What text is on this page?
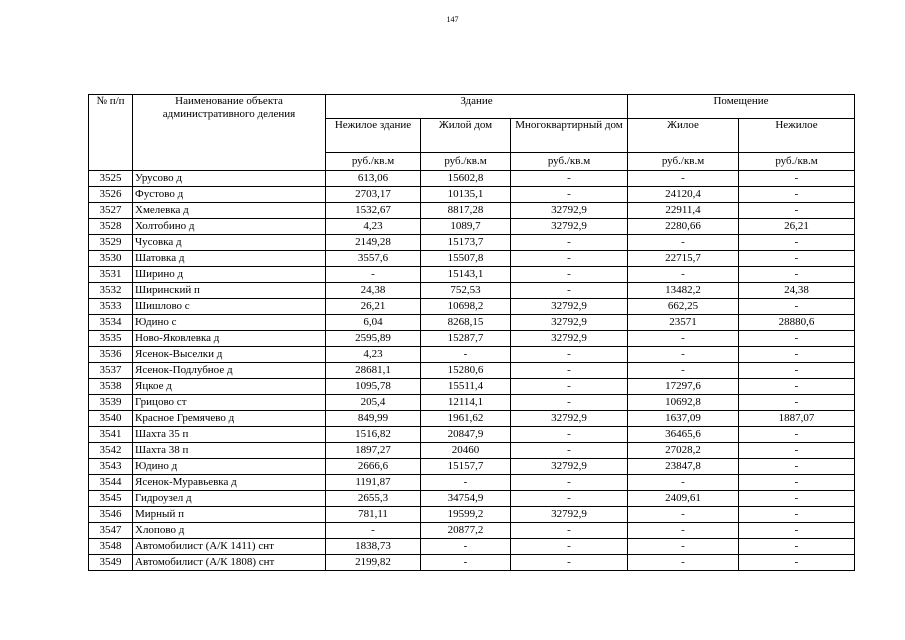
147
№ п/п	Наименование объекта административного деления	Здание			Помещение	
		Нежилое здание	Жилой дом	Многоквартирный дом	Жилое	Нежилое
		руб./кв.м	руб./кв.м	руб./кв.м	руб./кв.м	руб./кв.м
3525	Урусово д	613,06	15602,8	-	-	-
3526	Фустово д	2703,17	10135,1	-	24120,4	-
3527	Хмелевка д	1532,67	8817,28	32792,9	22911,4	-
3528	Холтобино д	4,23	1089,7	32792,9	2280,66	26,21
3529	Чусовка д	2149,28	15173,7	-	-	-
3530	Шатовка д	3557,6	15507,8	-	22715,7	-
3531	Ширино д	-	15143,1	-	-	-
3532	Ширинский п	24,38	752,53	-	13482,2	24,38
3533	Шишлово с	26,21	10698,2	32792,9	662,25	-
3534	Юдино с	6,04	8268,15	32792,9	23571	28880,6
3535	Ново-Яковлевка д	2595,89	15287,7	32792,9	-	-
3536	Ясенок-Выселки д	4,23	-	-	-	-
3537	Ясенок-Подлубное д	28681,1	15280,6	-	-	-
3538	Яцкое д	1095,78	15511,4	-	17297,6	-
3539	Грицово ст	205,4	12114,1	-	10692,8	-
3540	Красное Гремячево д	849,99	1961,62	32792,9	1637,09	1887,07
3541	Шахта 35 п	1516,82	20847,9	-	36465,6	-
3542	Шахта 38 п	1897,27	20460	-	27028,2	-
3543	Юдино д	2666,6	15157,7	32792,9	23847,8	-
3544	Ясенок-Муравьевка д	1191,87	-	-	-	-
3545	Гидроузел д	2655,3	34754,9	-	2409,61	-
3546	Мирный п	781,11	19599,2	32792,9	-	-
3547	Хлопово д	-	20877,2	-	-	-
3548	Автомобилист (А/К 1411) снт	1838,73	-	-	-	-
3549	Автомобилист (А/К 1808) снт	2199,82	-	-	-	-
